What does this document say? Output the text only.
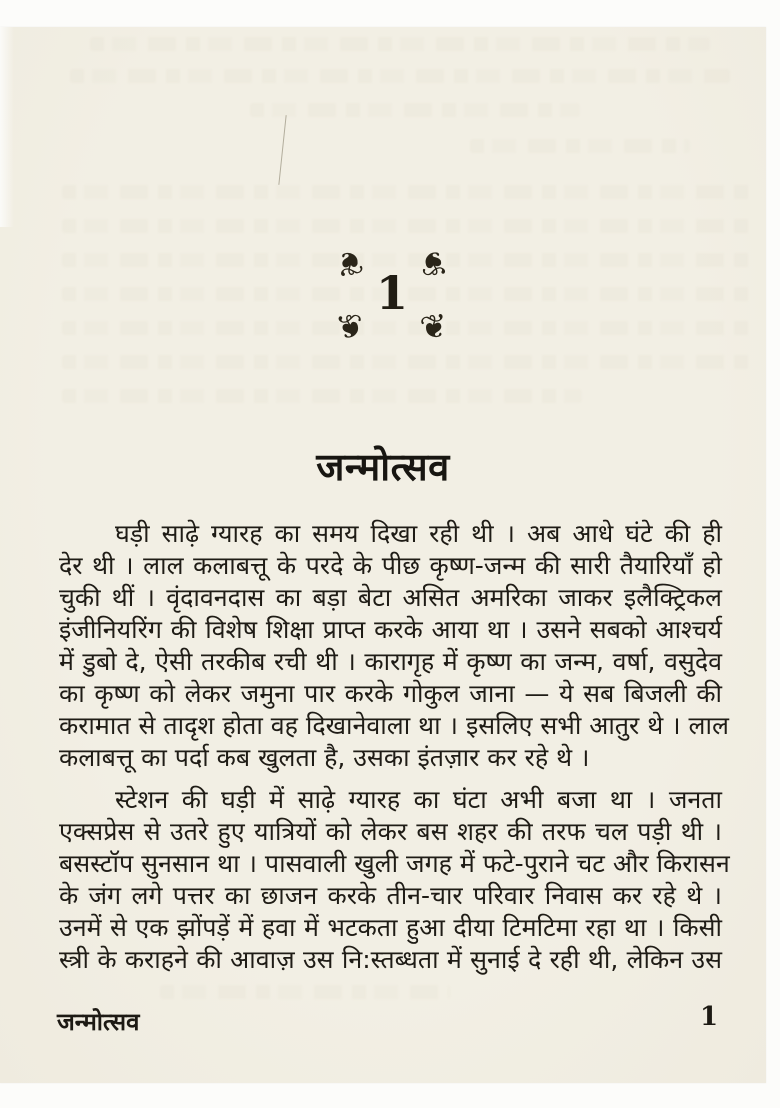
❦ ❦
❦ ❦
1
जन्मोत्सव
घड़ी साढ़े ग्यारह का समय दिखा रही थी । अब आधे घंटे की ही
देर थी । लाल कलाबत्तू के परदे के पीछ कृष्ण-जन्म की सारी तैयारियाँ हो
चुकी थीं । वृंदावनदास का बड़ा बेटा असित अमरिका जाकर इलैक्ट्रिकल
इंजीनियरिंग की विशेष शिक्षा प्राप्त करके आया था । उसने सबको आश्चर्य
में डुबो दे, ऐसी तरकीब रची थी । कारागृह में कृष्ण का जन्म, वर्षा, वसुदेव
का कृष्ण को लेकर जमुना पार करके गोकुल जाना — ये सब बिजली की
करामात से तादृश होता वह दिखानेवाला था । इसलिए सभी आतुर थे । लाल
कलाबत्तू का पर्दा कब खुलता है, उसका इंतज़ार कर रहे थे ।
स्टेशन की घड़ी में साढ़े ग्यारह का घंटा अभी बजा था । जनता
एक्सप्रेस से उतरे हुए यात्रियों को लेकर बस शहर की तरफ चल पड़ी थी ।
बसस्टॉप सुनसान था । पासवाली खुली जगह में फटे-पुराने चट और किरासन
के जंग लगे पत्तर का छाजन करके तीन-चार परिवार निवास कर रहे थे ।
उनमें से एक झोंपड़ें में हवा में भटकता हुआ दीया टिमटिमा रहा था । किसी
स्त्री के कराहने की आवाज़ उस नि:स्तब्धता में सुनाई दे रही थी, लेकिन उस
जन्मोत्सव	1
